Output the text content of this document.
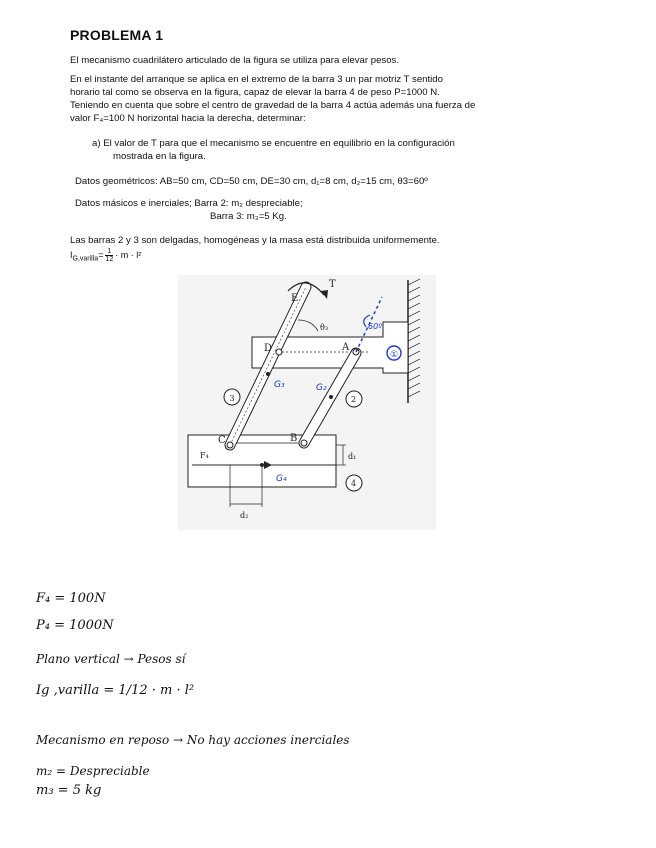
PROBLEMA 1
El mecanismo cuadrilátero articulado de la figura se utiliza para elevar pesos.
En el instante del arranque se aplica en el extremo de la barra 3 un par motriz T sentido
horario tal como se observa en la figura, capaz de elevar la barra 4 de peso P=1000 N.
Teniendo en cuenta que sobre el centro de gravedad de la barra 4 actúa además una fuerza de
valor F₄=100 N horizontal hacia la derecha, determinar:
a) El valor de T para que el mecanismo se encuentre en equilibrio en la configuración
mostrada en la figura.
Datos geométricos: AB=50 cm, CD=50 cm, DE=30 cm, d₁=8 cm, d₂=15 cm, θ3=60º
Datos másicos e inerciales; Barra 2: m₂ despreciable;
Barra 3: m₃=5 Kg.
Las barras 2 y 3 son delgadas, homogéneas y la masa está distribuida uniformemente.
$I_{G,varilla}= \frac{1}{12} \cdot m \cdot l^2$
E
T
θ₃
D	A
3	2
4
C	B
d₁
F₄
d₂
G₃	G₂
G₄
60º
①
F₄ = 100N
P₄ = 1000N
Plano vertical → Pesos sí
Ig ,varilla = 1/12 · m · l²
Mecanismo en reposo → No hay acciones inerciales
m₂ = Despreciable
m₃ = 5 kg
